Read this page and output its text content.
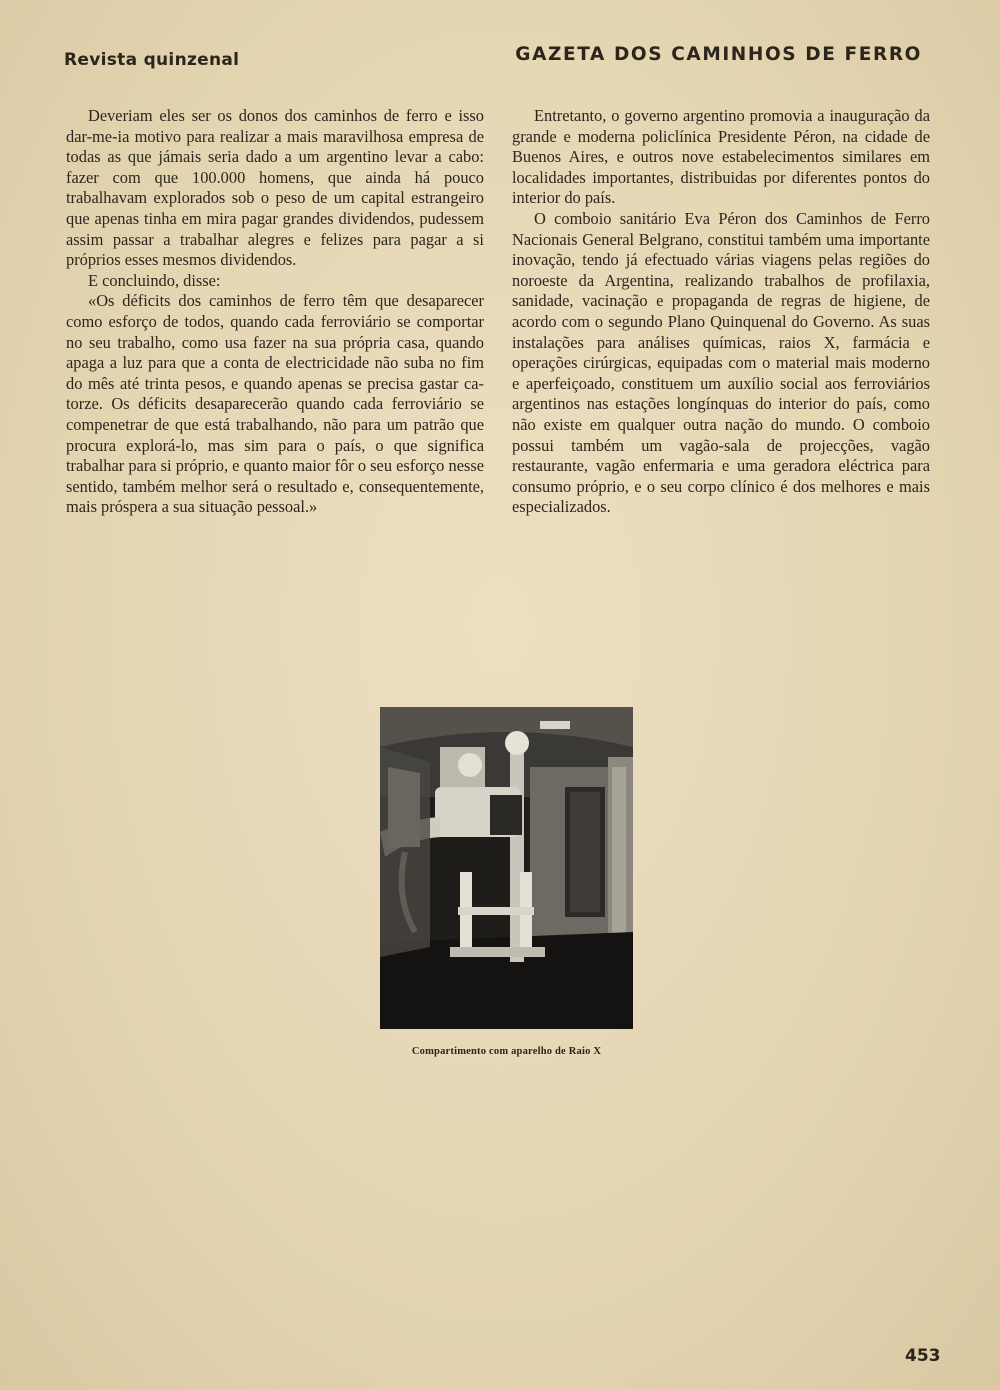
Revista quinzenal	GAZETA DOS CAMINHOS DE FERRO

Deveriam eles ser os donos dos caminhos de ferro e isso dar-me-ia motivo para realizar a mais maravilhosa empresa de todas as que jámais seria dado a um argentino levar a cabo: fazer com que 100.000 homens, que ainda há pouco trabalhavam explorados sob o peso de um capital estrangeiro que apenas tinha em mira pagar grandes dividendos, pudessem assim passar a trabalhar alegres e felizes para pagar a si próprios esses mesmos dividendos.

E concluindo, disse:

«Os déficits dos caminhos de ferro têm que desaparecer como esforço de todos, quando cada ferroviário se comportar no seu trabalho, como usa fazer na sua própria casa, quando apaga a luz para que a conta de electricidade não suba no fim do mês até trinta pesos, e quando apenas se precisa gastar catorze. Os déficits desaparecerão quando cada ferroviário se compenetrar de que está trabalhando, não para um patrão que procura explorá-lo, mas sim para o país, o que significa trabalhar para si próprio, e quanto maior fôr o seu esforço nesse sentido, também melhor será o resultado e, consequentemente, mais próspera a sua situação pessoal.»

Entretanto, o governo argentino promovia a inauguração da grande e moderna policlínica Presidente Péron, na cidade de Buenos Aires, e outros nove estabelecimentos similares em localidades importantes, distribuidas por diferentes pontos do interior do país.

O comboio sanitário Eva Péron dos Caminhos de Ferro Nacionais General Belgrano, constitui também uma importante inovação, tendo já efectuado várias viagens pelas regiões do noroeste da Argentina, realizando trabalhos de profilaxia, sanidade, vacinação e propaganda de regras de higiene, de acordo com o segundo Plano Quinquenal do Governo. As suas instalações para análises químicas, raios X, farmácia e operações cirúrgicas, equipadas com o material mais moderno e aperfeiçoado, constituem um auxílio social aos ferroviários argentinos nas estações longínquas do interior do país, como não existe em qualquer outra nação do mundo. O comboio possui também um vagão-sala de projecções, vagão restaurante, vagão enfermaria e uma geradora eléctrica para consumo próprio, e o seu corpo clínico é dos melhores e mais especializados.

Compartimento com aparelho de Raio X
453
